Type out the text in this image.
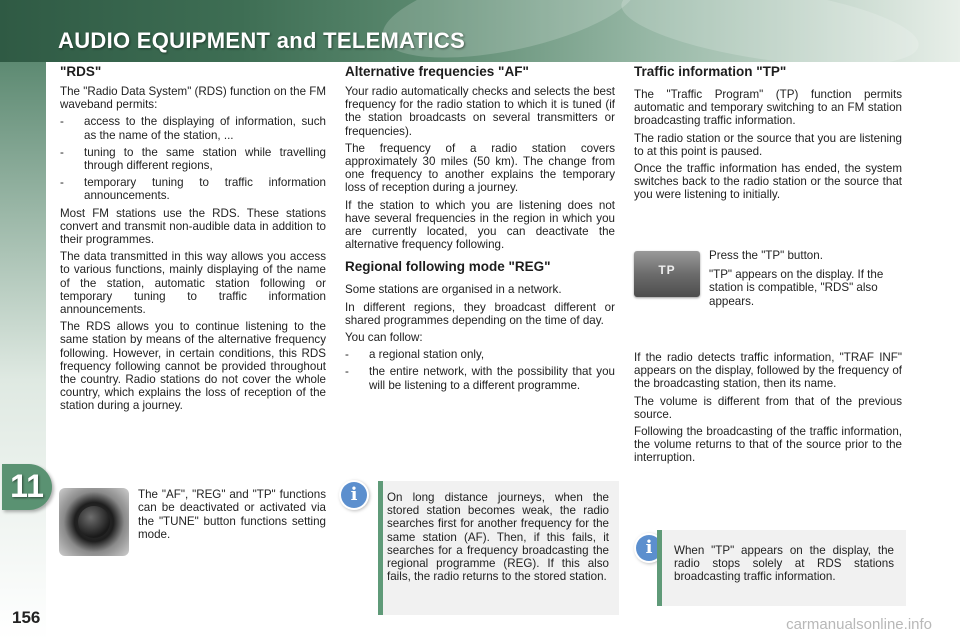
AUDIO EQUIPMENT and TELEMATICS
11
156	carmanualsonline.info
"RDS"

The "Radio Data System" (RDS) function on the FM waveband permits:

- access to the displaying of information, such as the name of the station, ...
- tuning to the same station while travelling through different regions,
- temporary tuning to traffic information announcements.

Most FM stations use the RDS. These stations convert and transmit non-audible data in addition to their programmes.

The data transmitted in this way allows you access to various functions, mainly displaying of the name of the station, automatic station following or temporary tuning to traffic information announcements.

The RDS allows you to continue listening to the same station by means of the alternative frequency following. However, in certain conditions, this RDS frequency following cannot be provided throughout the country. Radio stations do not cover the whole country, which explains the loss of reception of the station during a journey.

The "AF", "REG" and "TP" functions can be deactivated or activated via the "TUNE" button functions setting mode.

Alternative frequencies "AF"

Your radio automatically checks and selects the best frequency for the radio station to which it is tuned (if the station broadcasts on several transmitters or frequencies).

The frequency of a radio station covers approximately 30 miles (50 km). The change from one frequency to another explains the temporary loss of reception during a journey.

If the station to which you are listening does not have several frequencies in the region in which you are currently located, you can deactivate the alternative frequency following.

Regional following mode "REG"

Some stations are organised in a network.

In different regions, they broadcast different or shared programmes depending on the time of day.

You can follow:

- a regional station only,
- the entire network, with the possibility that you will be listening to a different programme.
i	On long distance journeys, when the stored station becomes weak, the radio searches first for another frequency for the same station (AF). Then, if this fails, it searches for a frequency broadcasting the regional programme (REG). If this also fails, the radio returns to the stored station.

Traffic information "TP"

The "Traffic Program" (TP) function permits automatic and temporary switching to an FM station broadcasting traffic information.

The radio station or the source that you are listening to at this point is paused.

Once the traffic information has ended, the system switches back to the radio station or the source that you were listening to initially.

TP

Press the "TP" button.

"TP" appears on the display. If the station is compatible, "RDS" also appears.

If the radio detects traffic information, "TRAF INF" appears on the display, followed by the frequency of the broadcasting station, then its name.

The volume is different from that of the previous source.

Following the broadcasting of the traffic information, the volume returns to that of the source prior to the interruption.

i	When "TP" appears on the display, the radio stops solely at RDS stations broadcasting traffic information.
